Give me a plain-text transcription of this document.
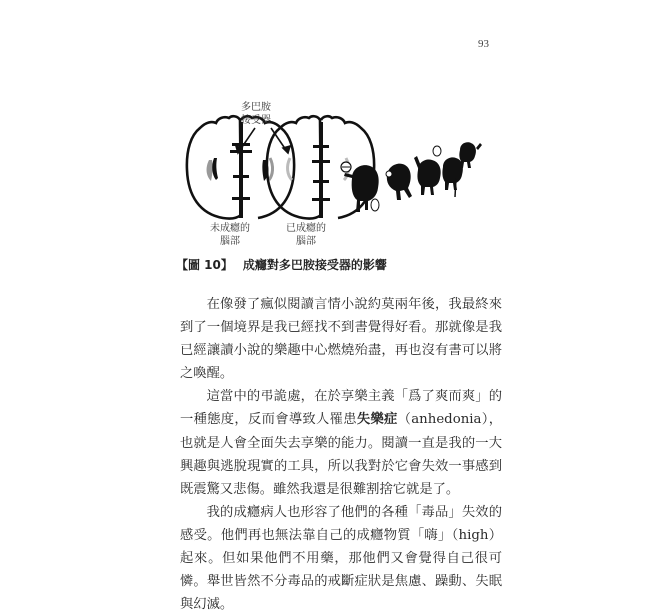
93
多巴胺
接受器
未成癮的
腦部
已成癮的
腦部
【圖 10】 成癮對多巴胺接受器的影響

在像發了瘋似閱讀言情小說約莫兩年後，我最終來到了一個境界是我已經找不到書覺得好看。那就像是我已經讓讀小說的樂趣中心燃燒殆盡，再也沒有書可以將之喚醒。

這當中的弔詭處，在於享樂主義「爲了爽而爽」的一種態度，反而會導致人罹患失樂症（anhedonia），也就是人會全面失去享樂的能力。閱讀一直是我的一大興趣與逃脫現實的工具，所以我對於它會失效一事感到既震驚又悲傷。雖然我還是很難割捨它就是了。

我的成癮病人也形容了他們的各種「毒品」失效的感受。他們再也無法靠自己的成癮物質「嗨」（high）起來。但如果他們不用藥，那他們又會覺得自己很可憐。舉世皆然不分毒品的戒斷症狀是焦慮、躁動、失眠與幻滅。
